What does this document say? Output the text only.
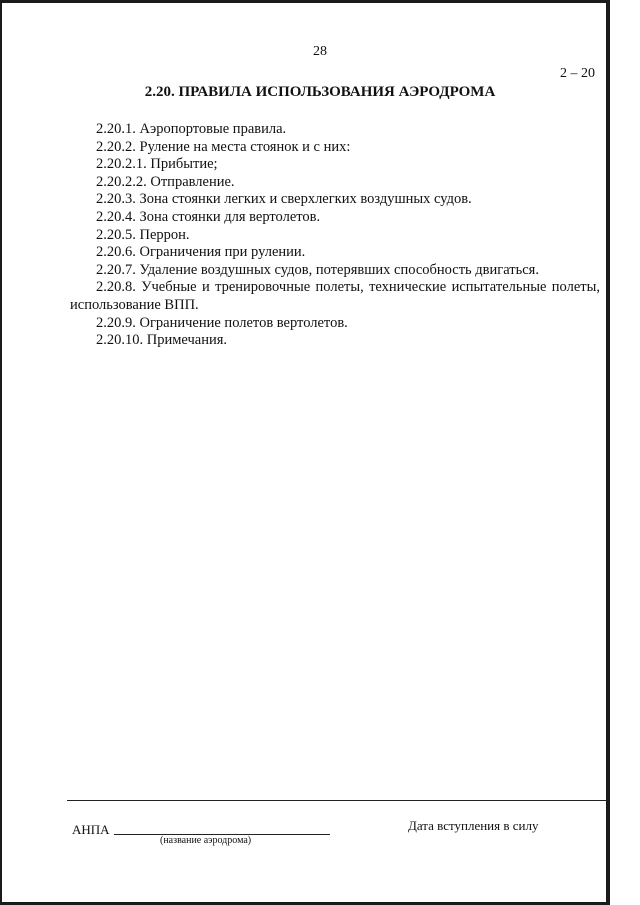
28
2 – 20
2.20. ПРАВИЛА ИСПОЛЬЗОВАНИЯ АЭРОДРОМА
2.20.1. Аэропортовые правила.
2.20.2. Руление на места стоянок и с них:
2.20.2.1. Прибытие;
2.20.2.2. Отправление.
2.20.3. Зона стоянки легких и сверхлегких воздушных судов.
2.20.4. Зона стоянки для вертолетов.
2.20.5. Перрон.
2.20.6. Ограничения при рулении.
2.20.7. Удаление воздушных судов, потерявших способность двигаться.
2.20.8. Учебные и тренировочные полеты, технические испытательные полеты, использование ВПП.
2.20.9. Ограничение полетов вертолетов.
2.20.10. Примечания.
АНПА
(название аэродрома)
Дата вступления в силу
